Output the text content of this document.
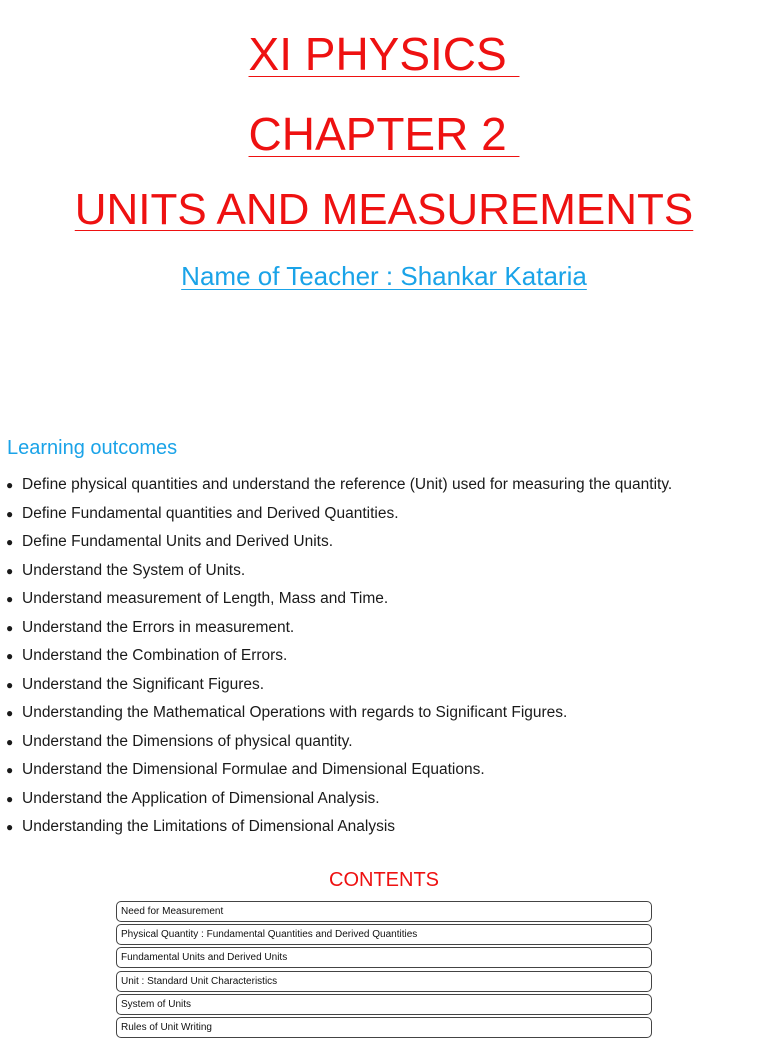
XI PHYSICS
CHAPTER 2
UNITS AND MEASUREMENTS
Name of Teacher : Shankar Kataria
Learning outcomes
● Define physical quantities and understand the reference (Unit) used for measuring the quantity.
● Define Fundamental quantities and Derived Quantities.
● Define Fundamental Units and Derived Units.
● Understand the System of Units.
● Understand measurement of Length, Mass and Time.
● Understand the Errors in measurement.
● Understand the Combination of Errors.
● Understand the Significant Figures.
● Understanding the Mathematical Operations with regards to Significant Figures.
● Understand the Dimensions of physical quantity.
● Understand the Dimensional Formulae and Dimensional Equations.
● Understand the Application of Dimensional Analysis.
● Understanding the Limitations of Dimensional Analysis
CONTENTS
Need for Measurement
Physical Quantity : Fundamental Quantities and Derived Quantities
Fundamental Units and Derived Units
Unit : Standard Unit Characteristics
System of Units
Rules of Unit Writing
